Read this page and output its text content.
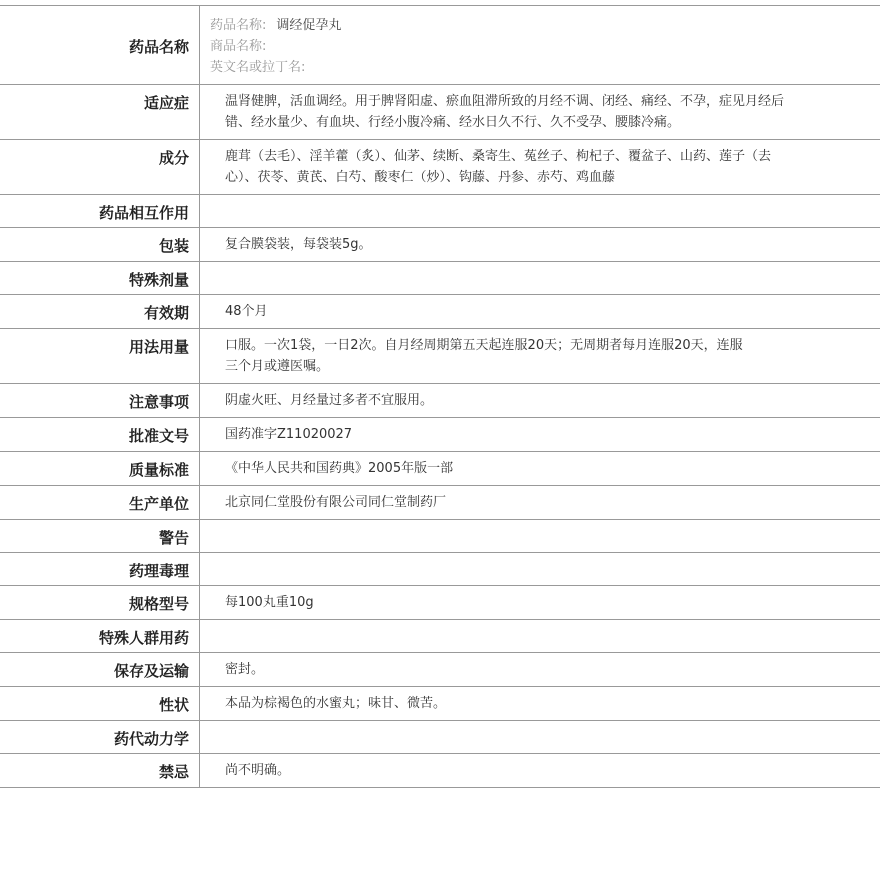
药品名称
药品名称: 调经促孕丸
商品名称:
英文名或拉丁名:
适应症	温肾健脾，活血调经。用于脾肾阳虚、瘀血阻滞所致的月经不调、闭经、痛经、不孕，症见月经后错、经水量少、有血块、行经小腹冷痛、经水日久不行、久不受孕、腰膝冷痛。
成分	鹿茸（去毛）、淫羊藿（炙）、仙茅、续断、桑寄生、菟丝子、枸杞子、覆盆子、山药、莲子（去心）、茯苓、黄芪、白芍、酸枣仁（炒）、钩藤、丹参、赤芍、鸡血藤
药品相互作用
包装	复合膜袋装，每袋装5g。
特殊剂量
有效期	48个月
用法用量	口服。一次1袋，一日2次。自月经周期第五天起连服20天；无周期者每月连服20天，连服三个月或遵医嘱。
注意事项	阴虚火旺、月经量过多者不宜服用。
批准文号	国药准字Z11020027
质量标准	《中华人民共和国药典》2005年版一部
生产单位	北京同仁堂股份有限公司同仁堂制药厂
警告
药理毒理
规格型号	每100丸重10g
特殊人群用药
保存及运输	密封。
性状	本品为棕褐色的水蜜丸；味甘、微苦。
药代动力学
禁忌	尚不明确。
